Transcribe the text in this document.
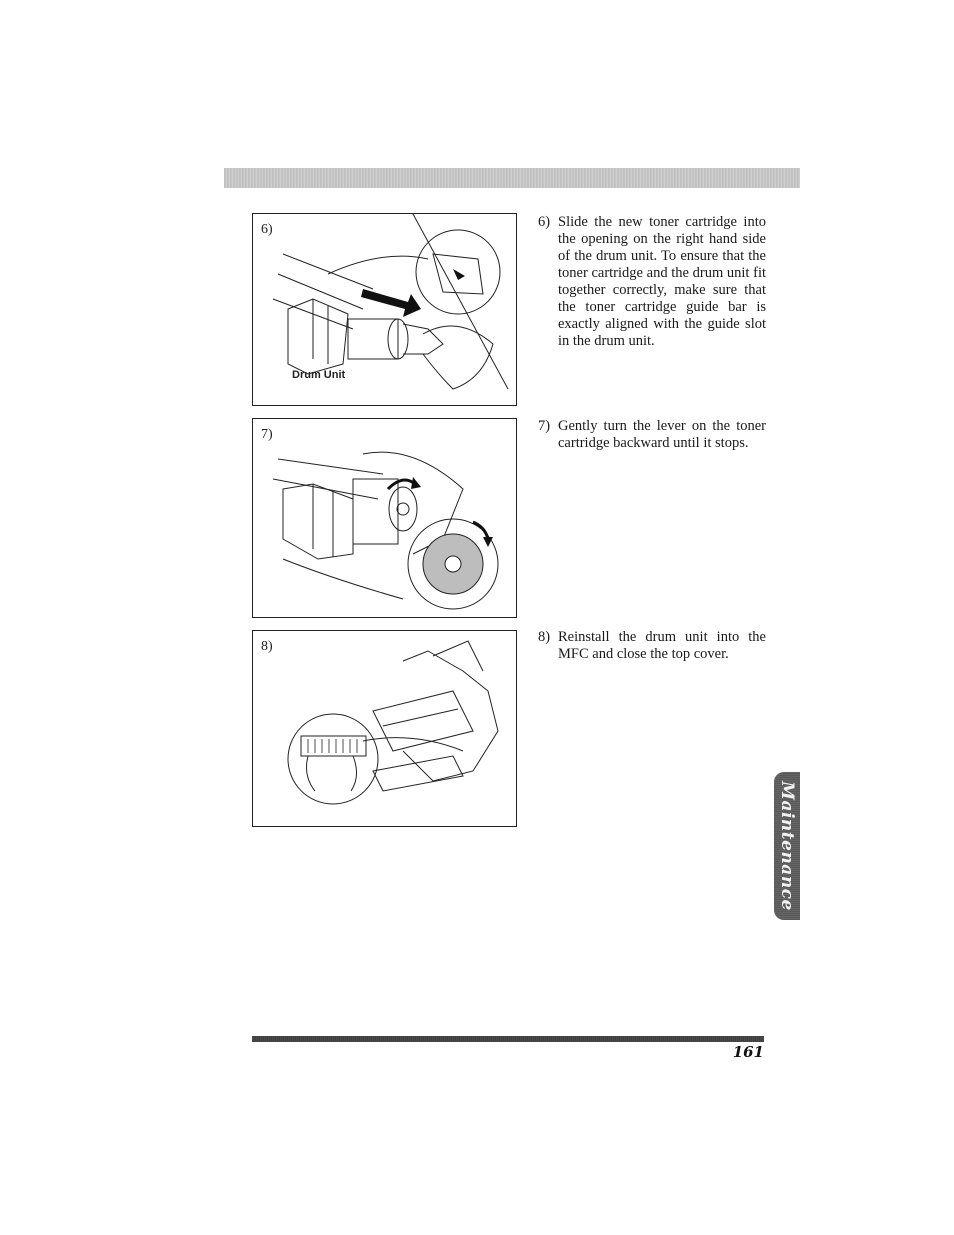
6)
Drum Unit
7)
8)
6) Slide the new toner cartridge into the opening on the right hand side of the drum unit. To ensure that the toner cartridge and the drum unit fit together correctly, make sure that the toner cartridge guide bar is exactly aligned with the guide slot in the drum unit.
7) Gently turn the lever on the toner cartridge backward until it stops.
8) Reinstall the drum unit into the MFC and close the top cover.
Maintenance
161
